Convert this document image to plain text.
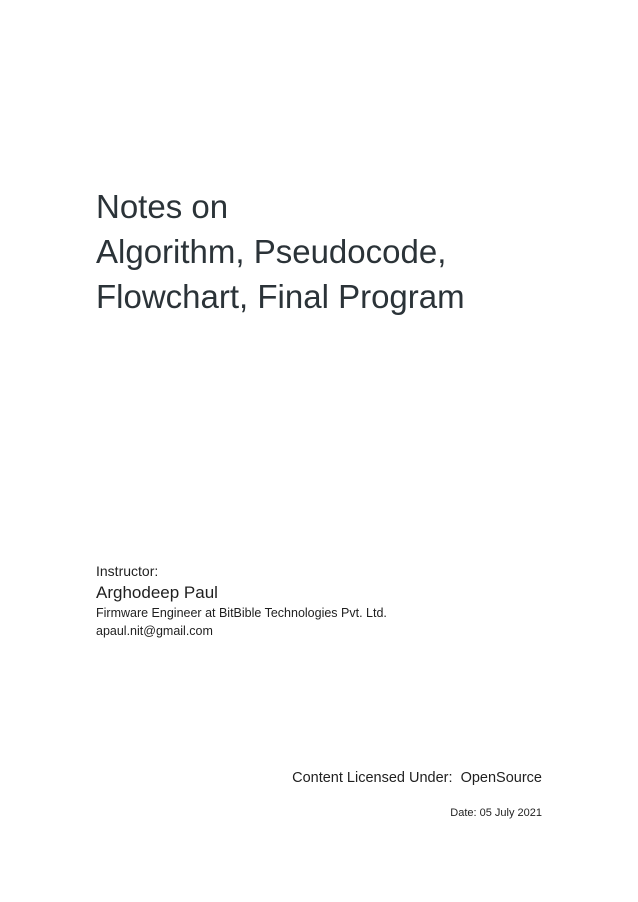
Notes on
Algorithm, Pseudocode,
Flowchart, Final Program

Instructor:

Arghodeep Paul

Firmware Engineer at BitBible Technologies Pvt. Ltd.

apaul.nit@gmail.com

Content Licensed Under:  OpenSource

Date: 05 July 2021
